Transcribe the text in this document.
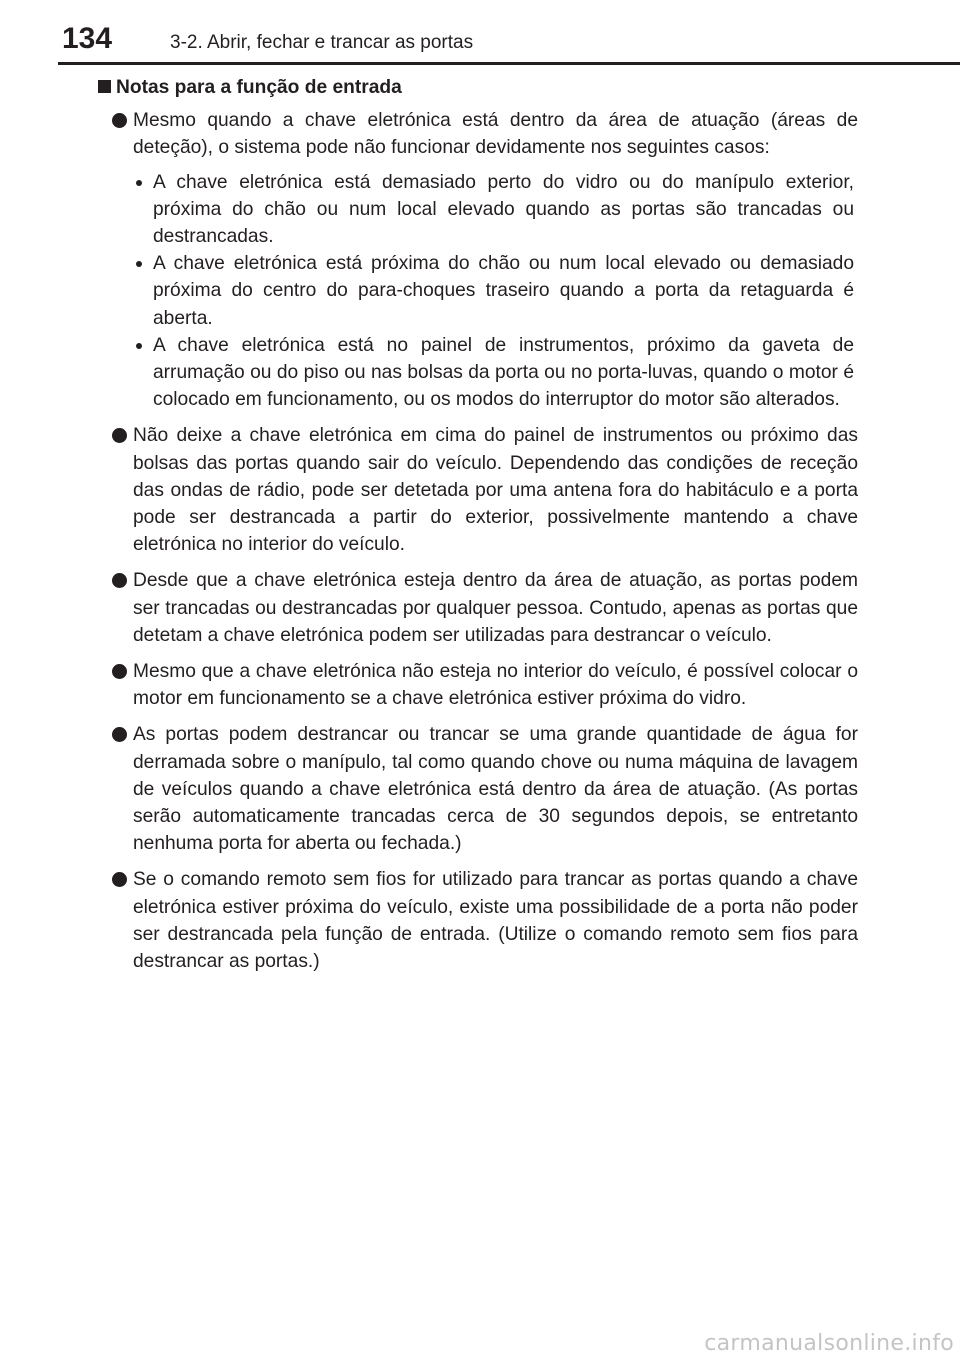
134	3-2. Abrir, fechar e trancar as portas
Notas para a função de entrada
Mesmo quando a chave eletrónica está dentro da área de atuação (áreas de deteção), o sistema pode não funcionar devidamente nos seguintes casos:
A chave eletrónica está demasiado perto do vidro ou do manípulo exterior, próxima do chão ou num local elevado quando as portas são trancadas ou destrancadas.
A chave eletrónica está próxima do chão ou num local elevado ou demasiado próxima do centro do para-choques traseiro quando a porta da retaguarda é aberta.
A chave eletrónica está no painel de instrumentos, próximo da gaveta de arrumação ou do piso ou nas bolsas da porta ou no porta-luvas, quando o motor é colocado em funcionamento, ou os modos do interruptor do motor são alterados.
Não deixe a chave eletrónica em cima do painel de instrumentos ou próximo das bolsas das portas quando sair do veículo. Dependendo das condições de receção das ondas de rádio, pode ser detetada por uma antena fora do habitáculo e a porta pode ser destrancada a partir do exterior, possivelmente mantendo a chave eletrónica no interior do veículo.
Desde que a chave eletrónica esteja dentro da área de atuação, as portas podem ser trancadas ou destrancadas por qualquer pessoa. Contudo, apenas as portas que detetam a chave eletrónica podem ser utilizadas para destrancar o veículo.
Mesmo que a chave eletrónica não esteja no interior do veículo, é possível colocar o motor em funcionamento se a chave eletrónica estiver próxima do vidro.
As portas podem destrancar ou trancar se uma grande quantidade de água for derramada sobre o manípulo, tal como quando chove ou numa máquina de lavagem de veículos quando a chave eletrónica está dentro da área de atuação. (As portas serão automaticamente trancadas cerca de 30 segundos depois, se entretanto nenhuma porta for aberta ou fechada.)
Se o comando remoto sem fios for utilizado para trancar as portas quando a chave eletrónica estiver próxima do veículo, existe uma possibilidade de a porta não poder ser destrancada pela função de entrada. (Utilize o comando remoto sem fios para destrancar as portas.)
carmanualsonline.info
